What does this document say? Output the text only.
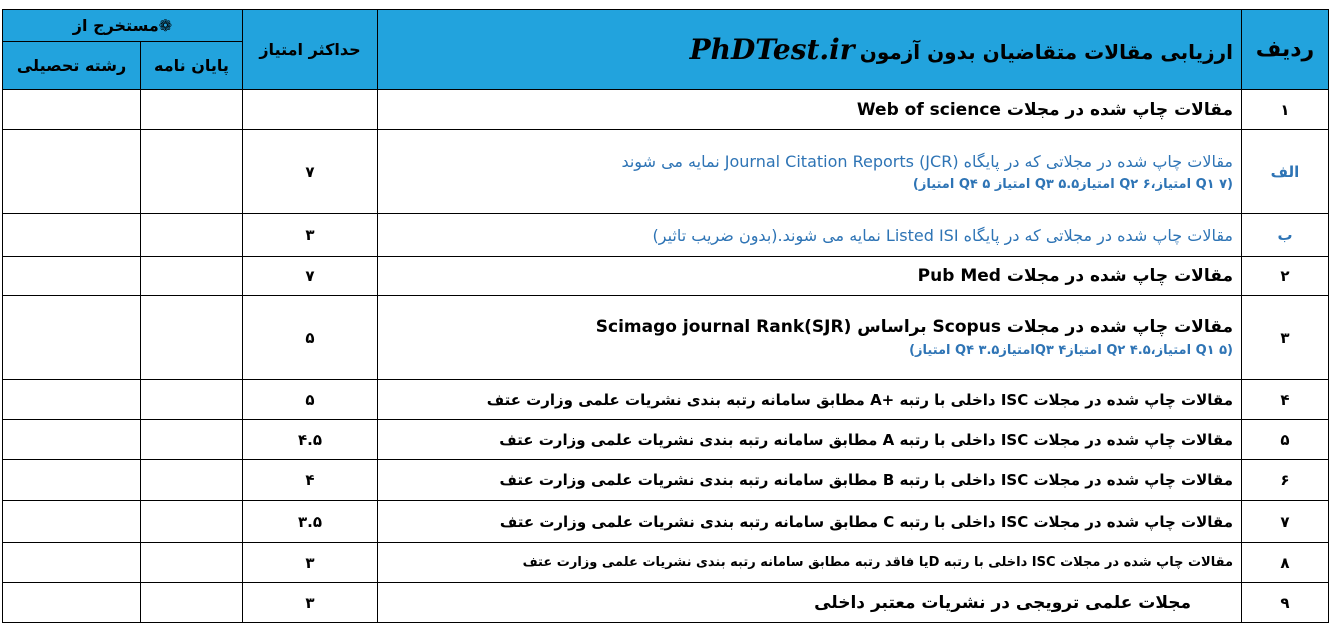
ردیف	ارزیابی مقالات متقاضیان بدون آزمون PhDTest.ir	حداکثر امتیاز	❁مستخرج از	
			پایان نامه	رشته تحصیلی
۱	مقالات چاپ شده در مجلات Web of science			
الف	مقالات چاپ شده در مجلاتی که در پایگاه Journal Citation Reports (JCR) نمایه می شوند
(Q۱ ۷ امتیاز،Q۲ ۶ امتیازQ۳ ۵.۵ امتیاز Q۴ ۵ امتیاز)	۷		
ب	مقالات چاپ شده در مجلاتی که در پایگاه Listed ISI نمایه می شوند.(بدون ضریب تاثیر)	۳		
۲	مقالات چاپ شده در مجلات Pub Med	۷		
۳	مقالات چاپ شده در مجلات Scopus براساس Scimago journal Rank(SJR)
(Q۱ ۵ امتیاز،Q۲ ۴.۵ امتیازQ۳ ۴امتیازQ۴ ۳.۵ امتیاز)	۵		
۴	مقالات چاپ شده در مجلات ISC داخلی با رتبه +A مطابق سامانه رتبه بندی نشریات علمی وزارت عتف	۵		
۵	مقالات چاپ شده در مجلات ISC داخلی با رتبه A مطابق سامانه رتبه بندی نشریات علمی وزارت عتف	۴.۵		
۶	مقالات چاپ شده در مجلات ISC داخلی با رتبه B مطابق سامانه رتبه بندی نشریات علمی وزارت عتف	۴		
۷	مقالات چاپ شده در مجلات ISC داخلی با رتبه C مطابق سامانه رتبه بندی نشریات علمی وزارت عتف	۳.۵		
۸	مقالات چاپ شده در مجلات ISC داخلی با رتبه Dیا فاقد رتبه مطابق سامانه رتبه بندی نشریات علمی وزارت عتف	۳		
۹	مجلات علمی ترویجی در نشریات معتبر داخلی	۳		
